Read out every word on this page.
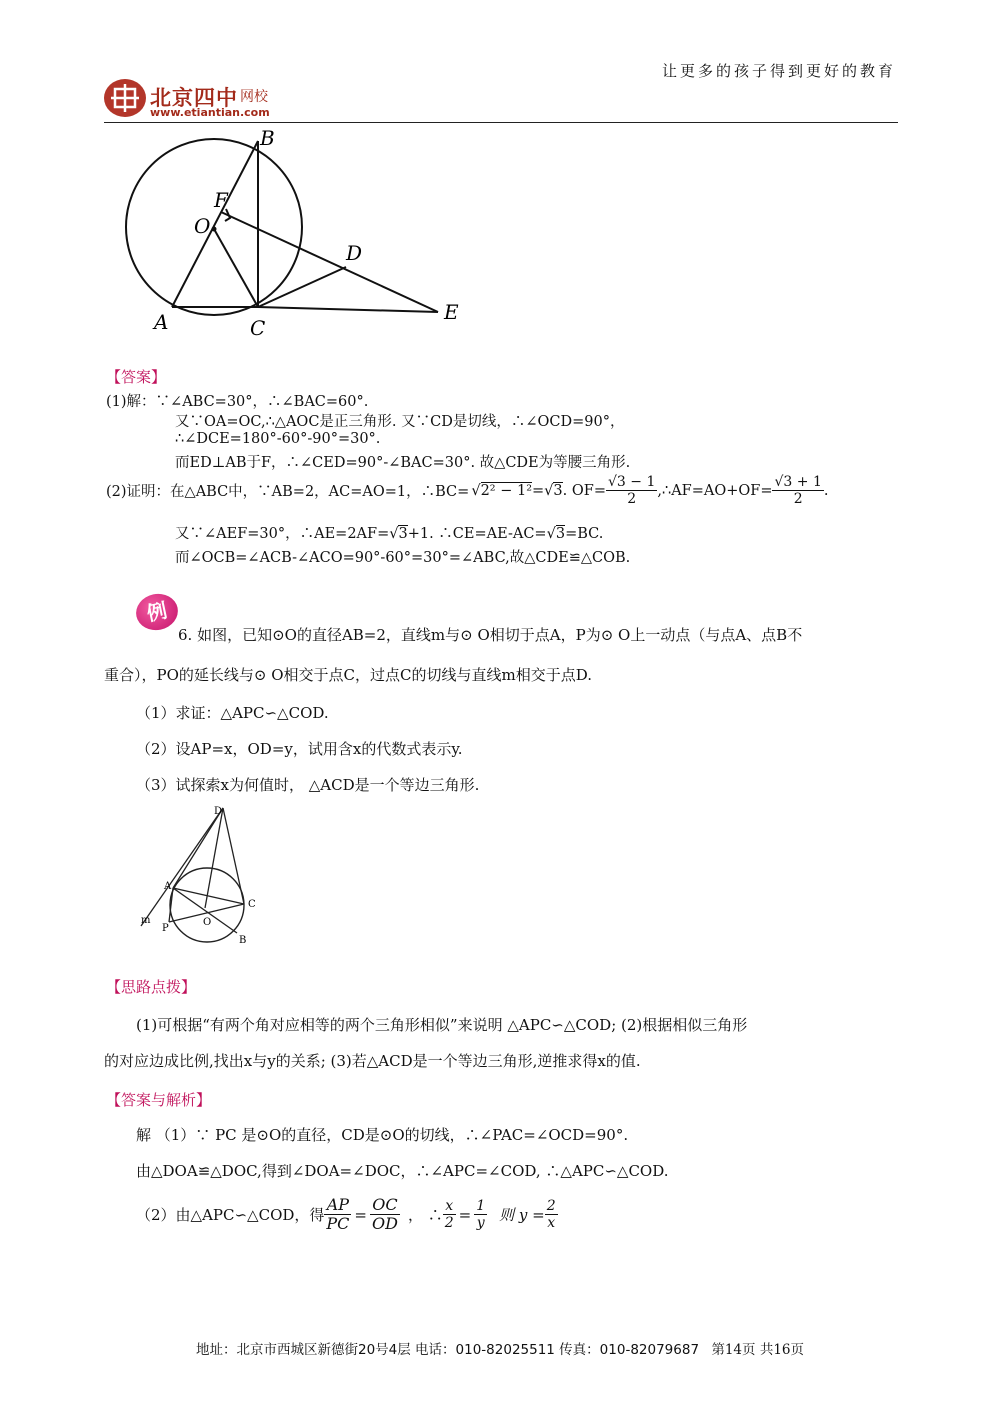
北京四中 网校
www.etiantian.com
让更多的孩子得到更好的教育
B
F
O
D
A	C
E
【答案】
(1)解：∵∠ABC=30°，∴∠BAC=60°.
又∵OA=OC,∴△AOC是正三角形. 又∵CD是切线，∴∠OCD=90°，
∴∠DCE=180°-60°-90°=30°.
而ED⊥AB于F，∴∠CED=90°-∠BAC=30°. 故△CDE为等腰三角形.
(2)证明：在△ABC中，∵AB=2，AC=AO=1，∴BC= √ 2² − 1² = √ 3 . $OF= \frac{√3 - 1}{2}$ ,∴AF=AO+OF= $\frac{√3 + 1}{2}$ .
又∵∠AEF=30°，∴AE=2AF=√3+1. ∴CE=AE-AC=√3=BC.
而∠OCB=∠ACB-∠ACO=90°-60°=30°=∠ABC,故△CDE≌△COB.
例
6. 如图，已知⊙O的直径AB=2，直线m与⊙ O相切于点A，P为⊙ O上一动点（与点A、点B不
重合），PO的延长线与⊙ O相交于点C，过点C的切线与直线m相交于点D.
（1）求证：△APC∽△COD.
（2）设AP=x，OD=y，试用含x的代数式表示y.
（3）试探索x为何值时， △ACD是一个等边三角形.
D
A
C
m
P
O
B
【思路点拨】
(1)可根据“有两个角对应相等的两个三角形相似”来说明 △APC∽△COD; (2)根据相似三角形
的对应边成比例,找出x与y的关系; (3)若△ACD是一个等边三角形,逆推求得x的值.
【答案与解析】
解 （1）∵ PC 是⊙O的直径，CD是⊙O的切线，∴∠PAC=∠OCD=90°.
由△DOA≌△DOC,得到∠DOA=∠DOC，∴∠APC=∠COD, ∴△APC∽△COD.
（2）由△APC∽△COD，得 $\frac{AP}{PC} = \frac{OC}{OD}$ ， ∴ $\frac{x}{2} = \frac{1}{y}$ 则 $y = \frac{2}{x}$
地址：北京市西城区新德街20号4层 电话：010-82025511 传真：010-82079687 第14页 共16页
